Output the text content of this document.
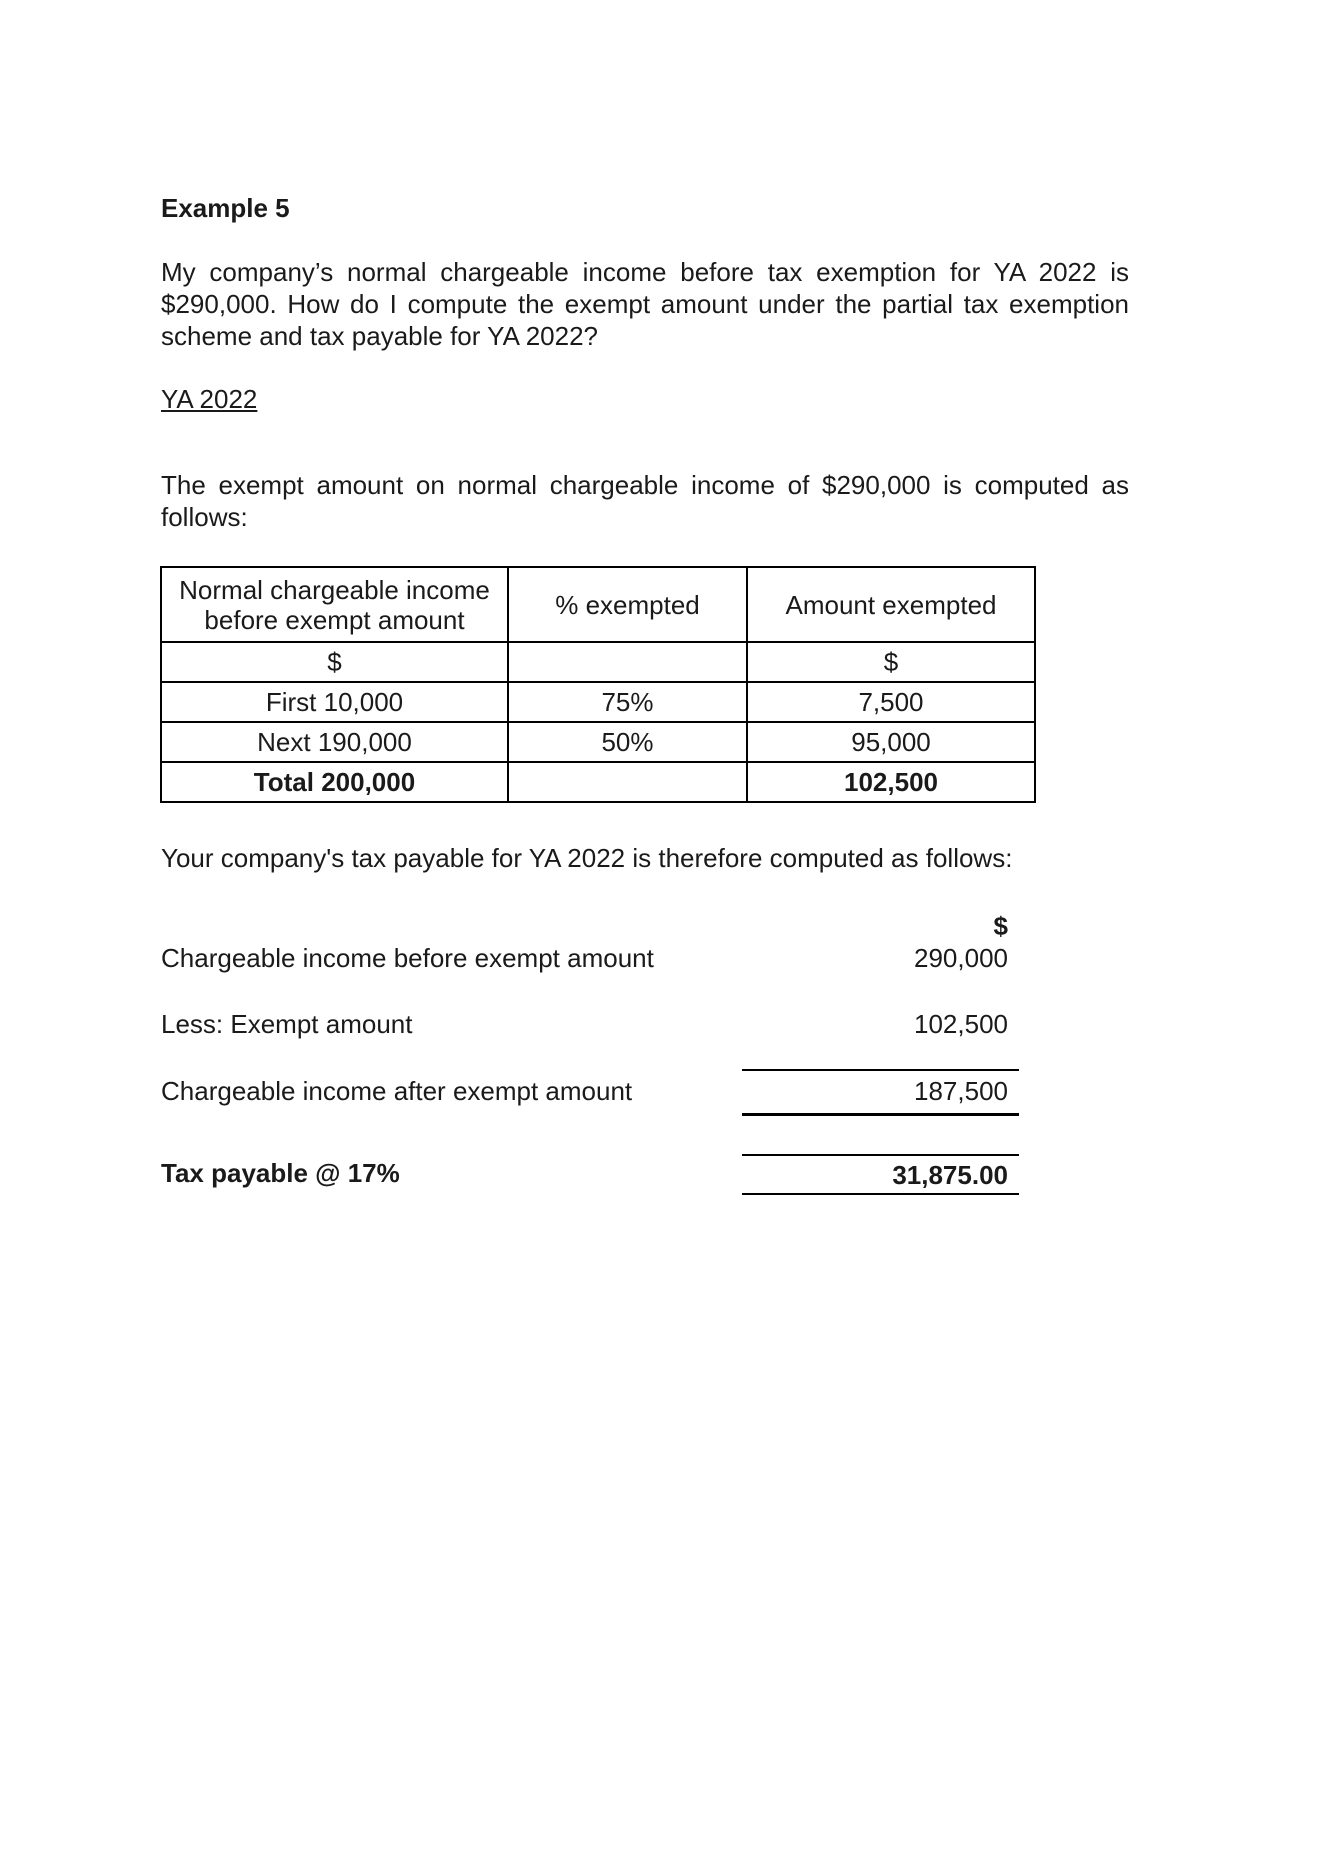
Example 5
My company’s normal chargeable income before tax exemption for YA 2022 is $290,000. How do I compute the exempt amount under the partial tax exemption scheme and tax payable for YA 2022?
YA 2022
The exempt amount on normal chargeable income of $290,000 is computed as follows:
Normal chargeable income before exempt amount	% exempted	Amount exempted
$		$
First 10,000	75%	7,500
Next 190,000	50%	95,000
Total 200,000		102,500
Your company's tax payable for YA 2022 is therefore computed as follows:
$
Chargeable income before exempt amount	290,000
Less: Exempt amount	102,500
Chargeable income after exempt amount	187,500
Tax payable @ 17%	31,875.00
